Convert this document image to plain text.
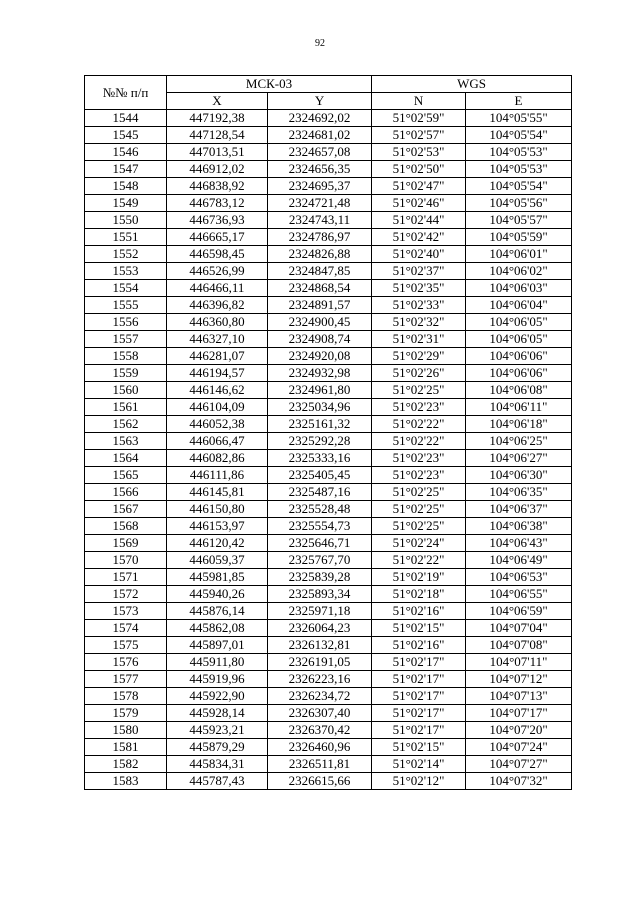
92
№№ п/п	МСК-03		WGS	
	X	Y	N	E
1544	447192,38	2324692,02	51°02'59"	104°05'55"
1545	447128,54	2324681,02	51°02'57"	104°05'54"
1546	447013,51	2324657,08	51°02'53"	104°05'53"
1547	446912,02	2324656,35	51°02'50"	104°05'53"
1548	446838,92	2324695,37	51°02'47"	104°05'54"
1549	446783,12	2324721,48	51°02'46"	104°05'56"
1550	446736,93	2324743,11	51°02'44"	104°05'57"
1551	446665,17	2324786,97	51°02'42"	104°05'59"
1552	446598,45	2324826,88	51°02'40"	104°06'01"
1553	446526,99	2324847,85	51°02'37"	104°06'02"
1554	446466,11	2324868,54	51°02'35"	104°06'03"
1555	446396,82	2324891,57	51°02'33"	104°06'04"
1556	446360,80	2324900,45	51°02'32"	104°06'05"
1557	446327,10	2324908,74	51°02'31"	104°06'05"
1558	446281,07	2324920,08	51°02'29"	104°06'06"
1559	446194,57	2324932,98	51°02'26"	104°06'06"
1560	446146,62	2324961,80	51°02'25"	104°06'08"
1561	446104,09	2325034,96	51°02'23"	104°06'11"
1562	446052,38	2325161,32	51°02'22"	104°06'18"
1563	446066,47	2325292,28	51°02'22"	104°06'25"
1564	446082,86	2325333,16	51°02'23"	104°06'27"
1565	446111,86	2325405,45	51°02'23"	104°06'30"
1566	446145,81	2325487,16	51°02'25"	104°06'35"
1567	446150,80	2325528,48	51°02'25"	104°06'37"
1568	446153,97	2325554,73	51°02'25"	104°06'38"
1569	446120,42	2325646,71	51°02'24"	104°06'43"
1570	446059,37	2325767,70	51°02'22"	104°06'49"
1571	445981,85	2325839,28	51°02'19"	104°06'53"
1572	445940,26	2325893,34	51°02'18"	104°06'55"
1573	445876,14	2325971,18	51°02'16"	104°06'59"
1574	445862,08	2326064,23	51°02'15"	104°07'04"
1575	445897,01	2326132,81	51°02'16"	104°07'08"
1576	445911,80	2326191,05	51°02'17"	104°07'11"
1577	445919,96	2326223,16	51°02'17"	104°07'12"
1578	445922,90	2326234,72	51°02'17"	104°07'13"
1579	445928,14	2326307,40	51°02'17"	104°07'17"
1580	445923,21	2326370,42	51°02'17"	104°07'20"
1581	445879,29	2326460,96	51°02'15"	104°07'24"
1582	445834,31	2326511,81	51°02'14"	104°07'27"
1583	445787,43	2326615,66	51°02'12"	104°07'32"
